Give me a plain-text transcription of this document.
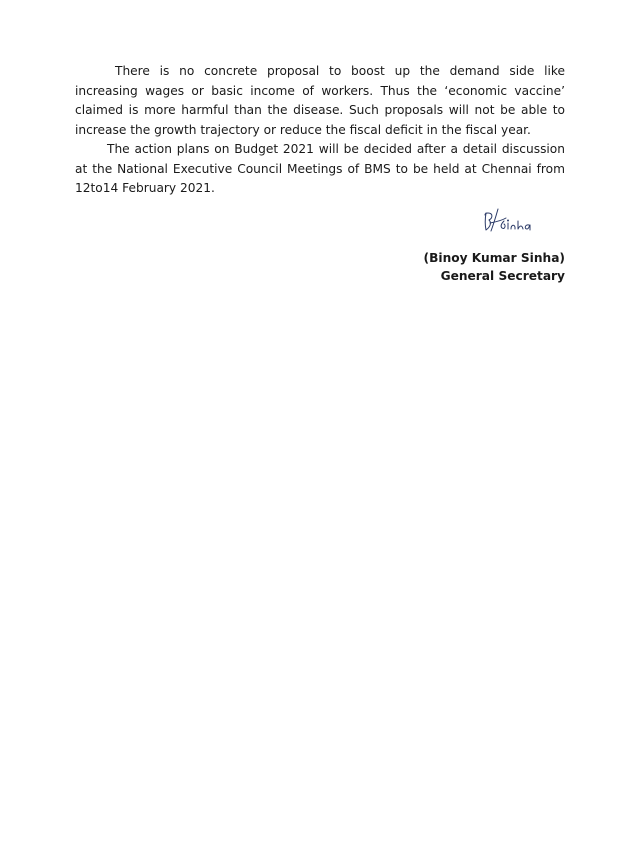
There is no concrete proposal to boost up the demand side like increasing wages or basic income of workers. Thus the ‘economic vaccine’ claimed is more harmful than the disease. Such proposals will not be able to increase the growth trajectory or reduce the fiscal deficit in the fiscal year.

The action plans on Budget 2021 will be decided after a detail discussion at the National Executive Council Meetings of BMS to be held at Chennai from 12to14 February 2021.

(Binoy Kumar Sinha)

General Secretary
